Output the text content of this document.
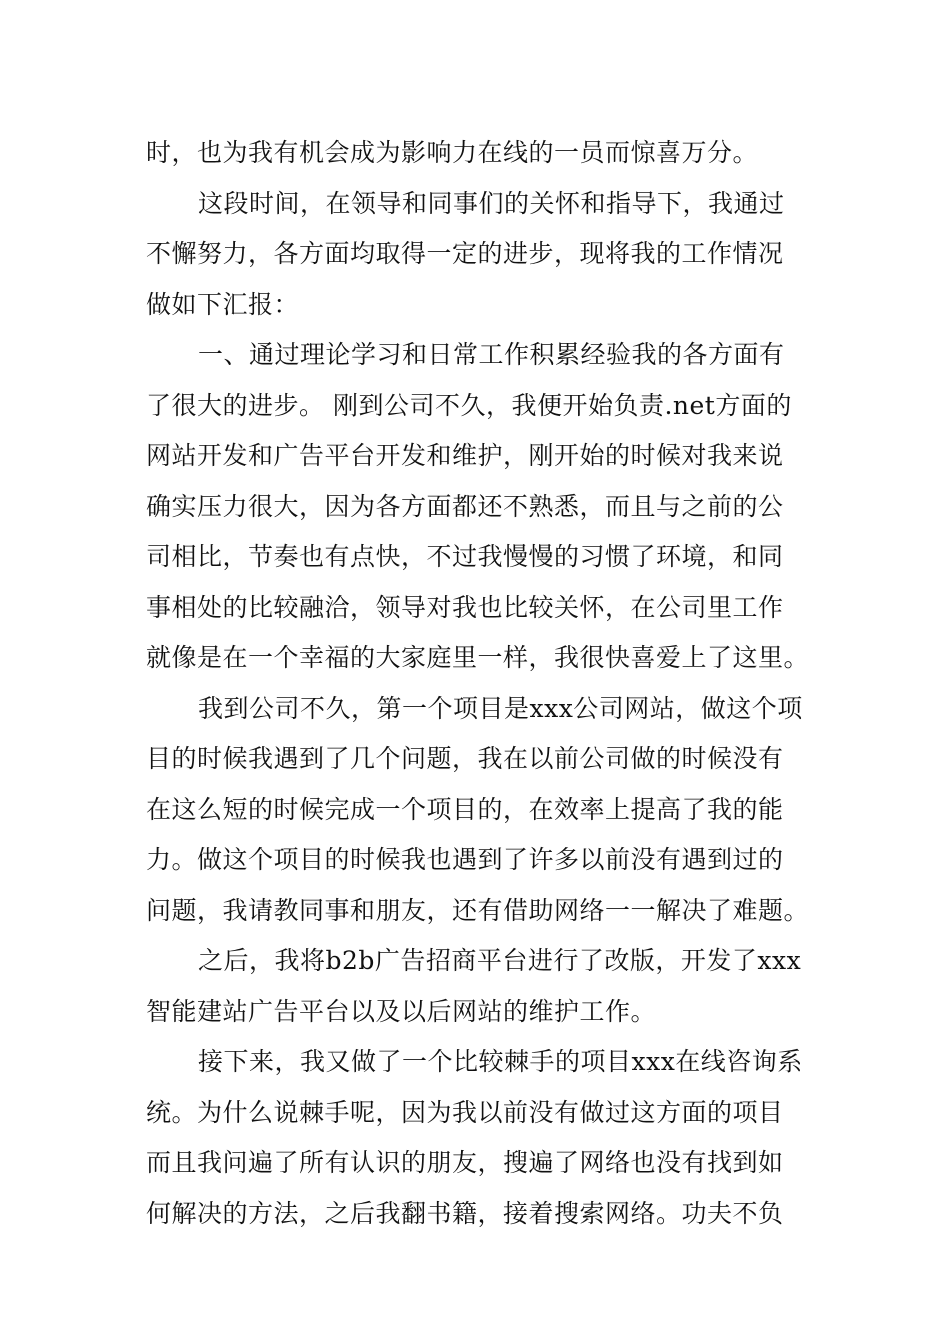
时，也为我有机会成为影响力在线的一员而惊喜万分。
这段时间，在领导和同事们的关怀和指导下，我通过
不懈努力，各方面均取得一定的进步，现将我的工作情况
做如下汇报：
一、通过理论学习和日常工作积累经验我的各方面有
了很大的进步。 刚到公司不久，我便开始负责.net方面的
网站开发和广告平台开发和维护，刚开始的时候对我来说
确实压力很大，因为各方面都还不熟悉，而且与之前的公
司相比，节奏也有点快，不过我慢慢的习惯了环境，和同
事相处的比较融洽，领导对我也比较关怀，在公司里工作
就像是在一个幸福的大家庭里一样，我很快喜爱上了这里。
我到公司不久，第一个项目是xxx公司网站，做这个项
目的时候我遇到了几个问题，我在以前公司做的时候没有
在这么短的时候完成一个项目的，在效率上提高了我的能
力。做这个项目的时候我也遇到了许多以前没有遇到过的
问题，我请教同事和朋友，还有借助网络一一解决了难题。
之后，我将b2b广告招商平台进行了改版，开发了xxx
智能建站广告平台以及以后网站的维护工作。
接下来，我又做了一个比较棘手的项目xxx在线咨询系
统。为什么说棘手呢，因为我以前没有做过这方面的项目
而且我问遍了所有认识的朋友，搜遍了网络也没有找到如
何解决的方法，之后我翻书籍，接着搜索网络。功夫不负
